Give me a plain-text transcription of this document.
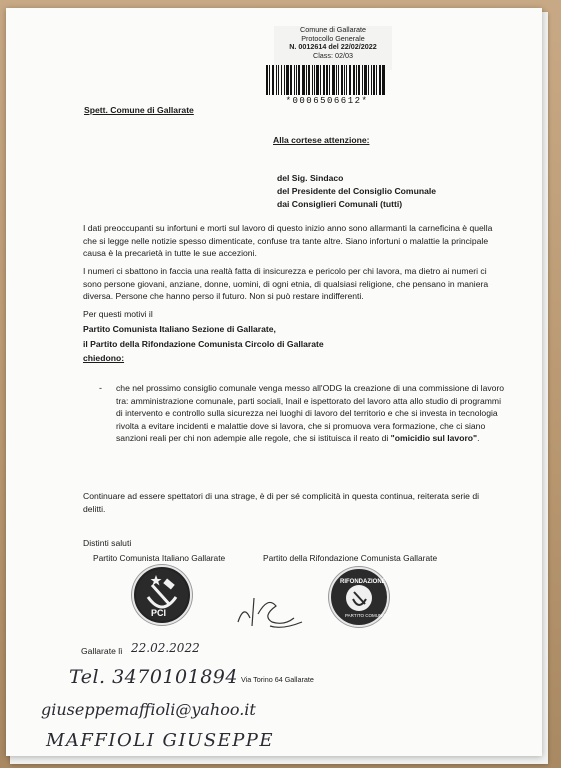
Comune di Gallarate
Protocollo Generale
N. 0012614 del 22/02/2022
Class: 02/03
*0006506612*
Spett. Comune di Gallarate
Alla cortese attenzione:
del Sig. Sindaco
del Presidente del Consiglio Comunale
dai Consiglieri Comunali (tutti)
I dati preoccupanti su infortuni e morti sul lavoro di questo inizio anno sono allarmanti la carneficina è quella che si legge nelle notizie spesso dimenticate, confuse tra tante altre. Siano infortuni o malattie la principale causa è la precarietà in tutte le sue accezioni.
I numeri ci sbattono in faccia una realtà fatta di insicurezza e pericolo per chi lavora, ma dietro ai numeri ci sono persone giovani, anziane, donne, uomini, di ogni etnia, di qualsiasi religione, che pensano in maniera diversa. Persone che hanno perso il futuro. Non si può restare indifferenti.
Per questi motivi il
Partito Comunista Italiano Sezione di Gallarate,
il Partito della Rifondazione Comunista Circolo di Gallarate
chiedono:
- che nel prossimo consiglio comunale venga messo all'ODG la creazione di una commissione di lavoro tra: amministrazione comunale, parti sociali, Inail e ispettorato del lavoro atta allo studio di programmi di intervento e controllo sulla sicurezza nei luoghi di lavoro del territorio e che si investa in tecnologia rivolta a evitare incidenti e malattie dove si lavora, che si promuova vera formazione, che ci siano sanzioni reali per chi non adempie alle regole, che si istituisca il reato di "omicidio sul lavoro".
Continuare ad essere spettatori di una strage, è di per sé complicità in questa continua, reiterata serie di delitti.
Distinti saluti
Partito Comunista Italiano Gallarate	Partito della Rifondazione Comunista Gallarate
PCI
RIFONDAZIONE
PARTITO COMUNISTA
Gallarate lì 22.02.2022
Tel. 3470101894 Via Torino 64 Gallarate
giuseppemaffioli@yahoo.it
MAFFIOLI GIUSEPPE
